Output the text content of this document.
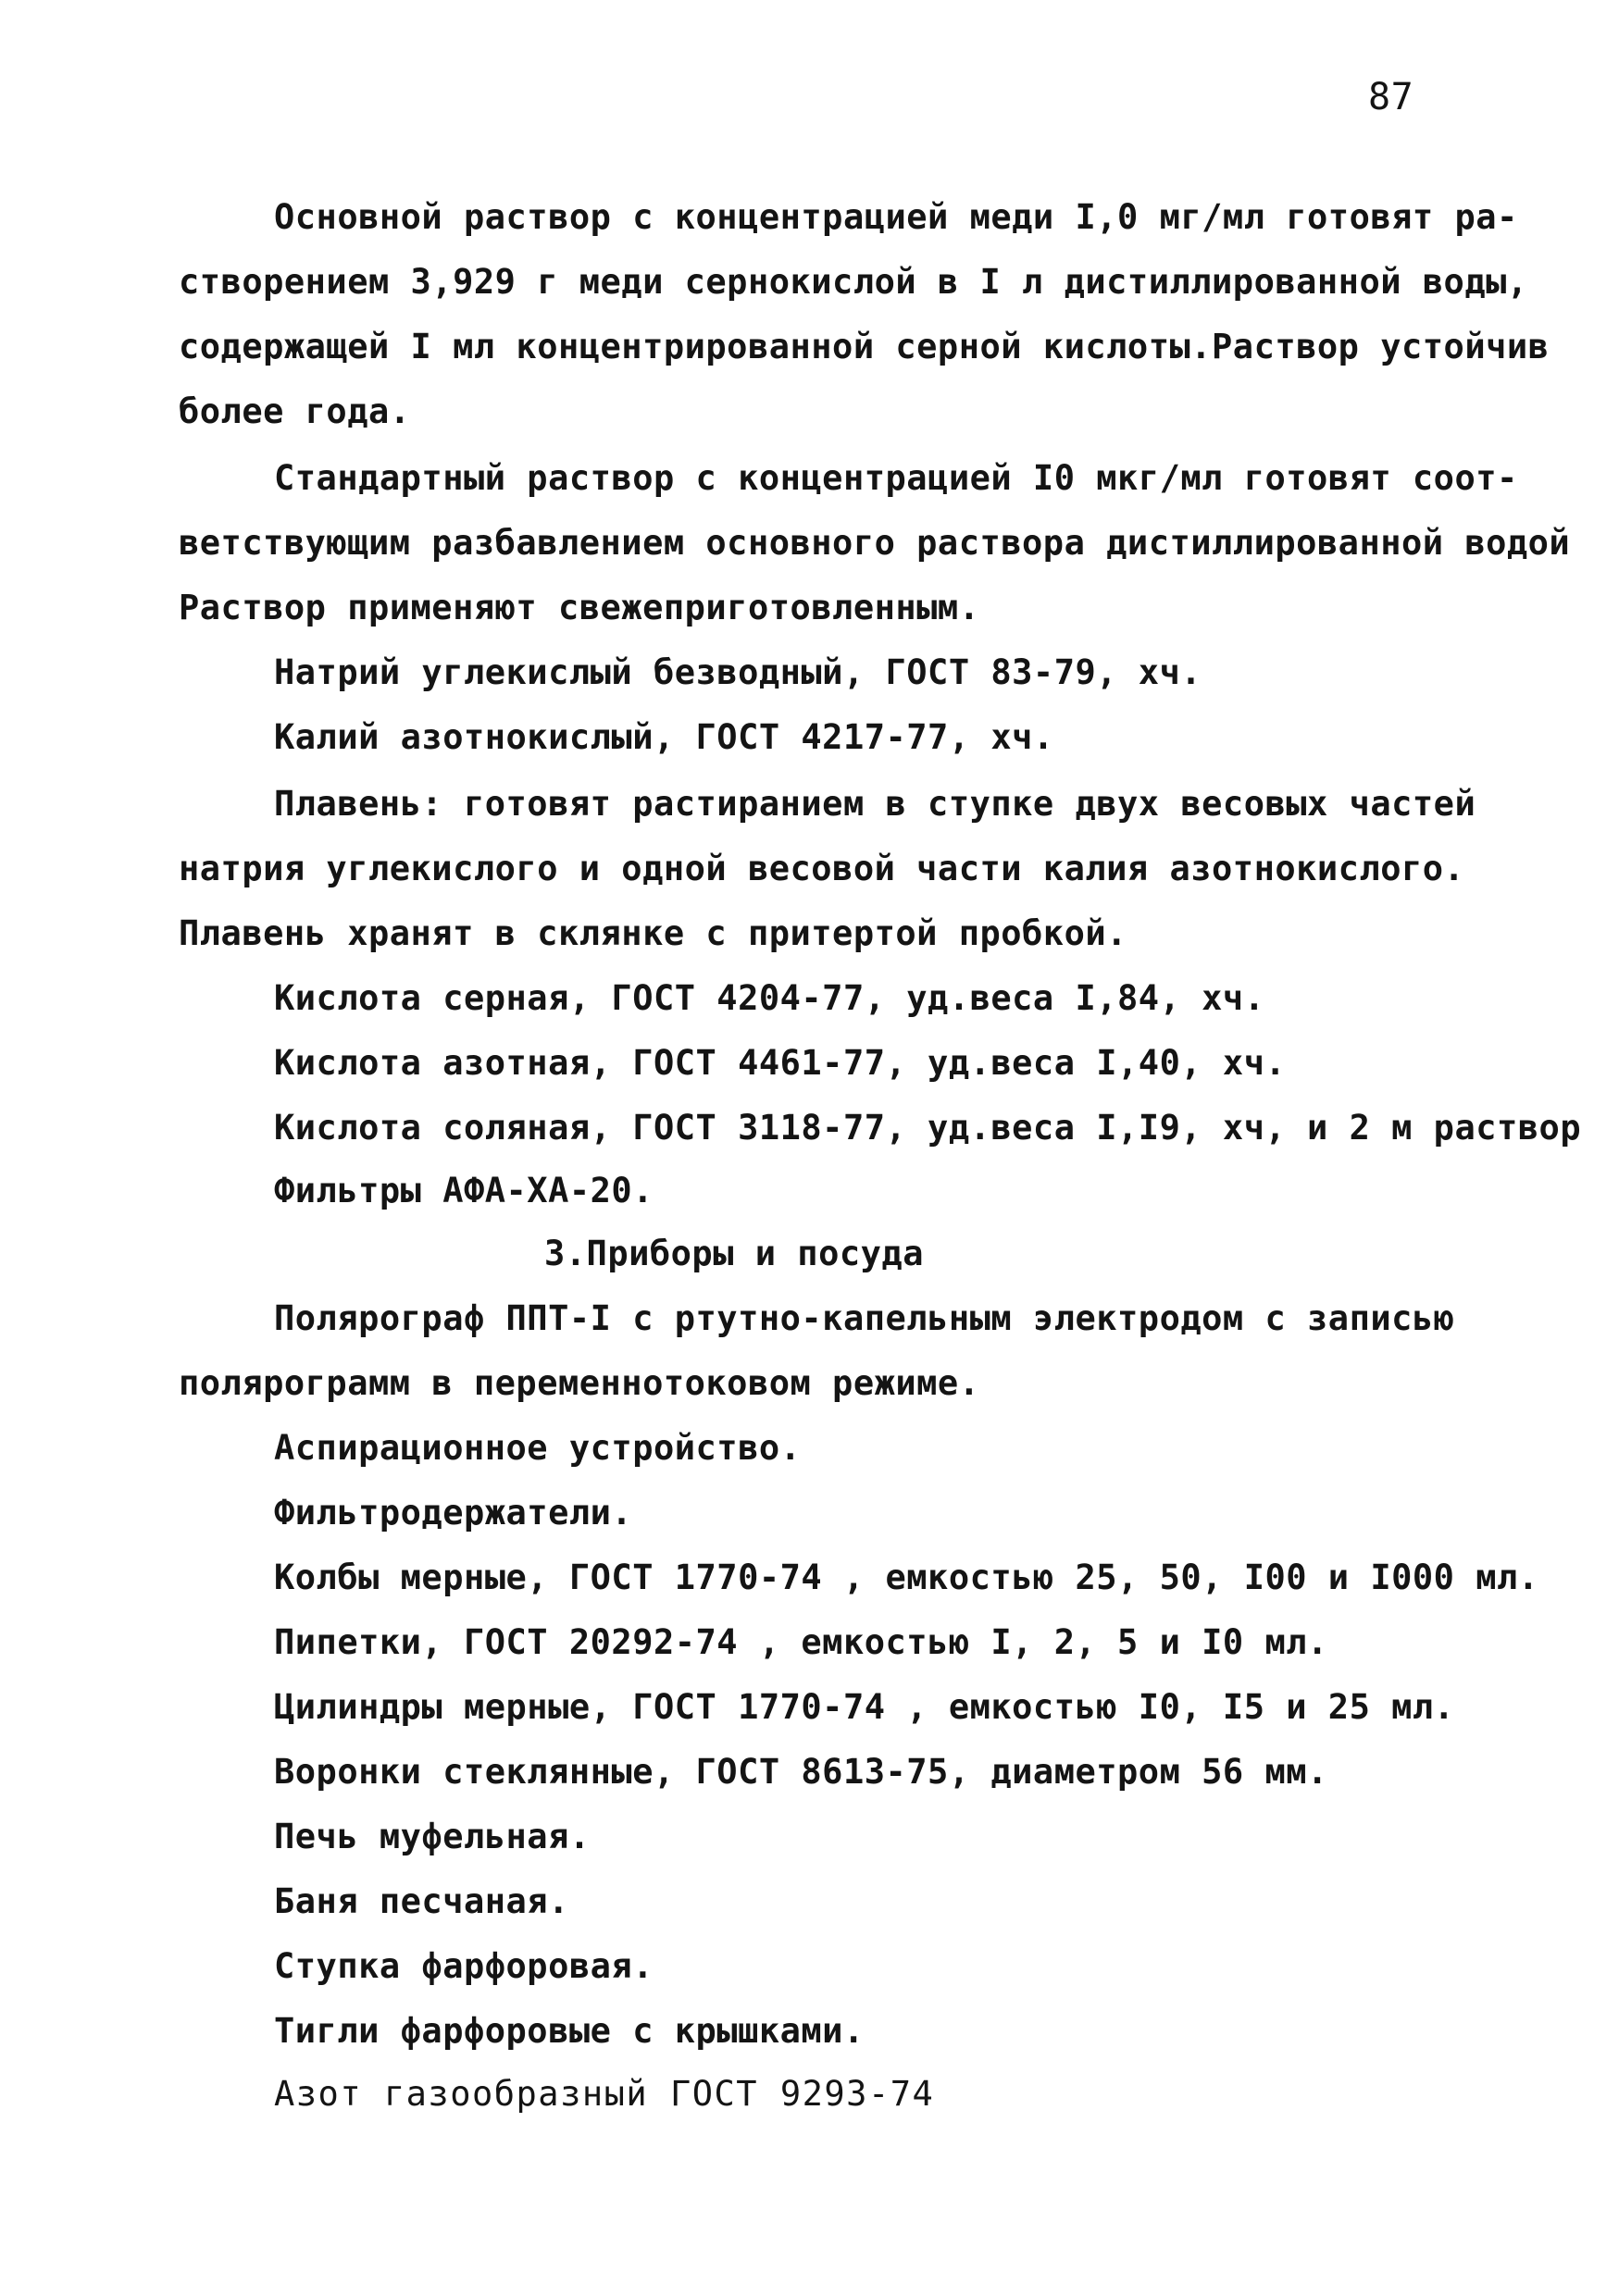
87
Основной раствор с концентрацией меди I,0 мг/мл готовят ра-
створением 3,929 г меди сернокислой в I л дистиллированной воды,
содержащей I мл концентрированной серной кислоты.Раствор устойчив
более года.
Стандартный раствор с концентрацией I0 мкг/мл готовят соот-
ветствующим разбавлением основного раствора дистиллированной водой
Раствор применяют свежеприготовленным.
Натрий углекислый безводный, ГОСТ 83-79, хч.
Калий азотнокислый, ГОСТ 4217-77, хч.
Плавень: готовят растиранием в ступке двух весовых частей
натрия углекислого и одной весовой части калия азотнокислого.
Плавень хранят в склянке с притертой пробкой.
Кислота серная, ГОСТ 4204-77, уд.веса I,84, хч.
Кислота азотная, ГОСТ 4461-77, уд.веса I,40, хч.
Кислота соляная, ГОСТ 3118-77, уд.веса I,I9, хч, и 2 м раствор
Фильтры АФА-ХА-20.
3.Приборы и посуда
Полярограф ППТ-I с ртутно-капельным электродом с записью
полярограмм в переменнотоковом режиме.
Аспирационное устройство.
Фильтродержатели.
Колбы мерные, ГОСТ 1770-74 , емкостью 25, 50, I00 и I000 мл.
Пипетки, ГОСТ 20292-74 , емкостью I, 2, 5 и I0 мл.
Цилиндры мерные, ГОСТ 1770-74 , емкостью I0, I5 и 25 мл.
Воронки стеклянные, ГОСТ 8613-75, диаметром 56 мм.
Печь муфельная.
Баня песчаная.
Ступка фарфоровая.
Тигли фарфоровые с крышками.
Азот газообразный ГОСТ 9293-74
